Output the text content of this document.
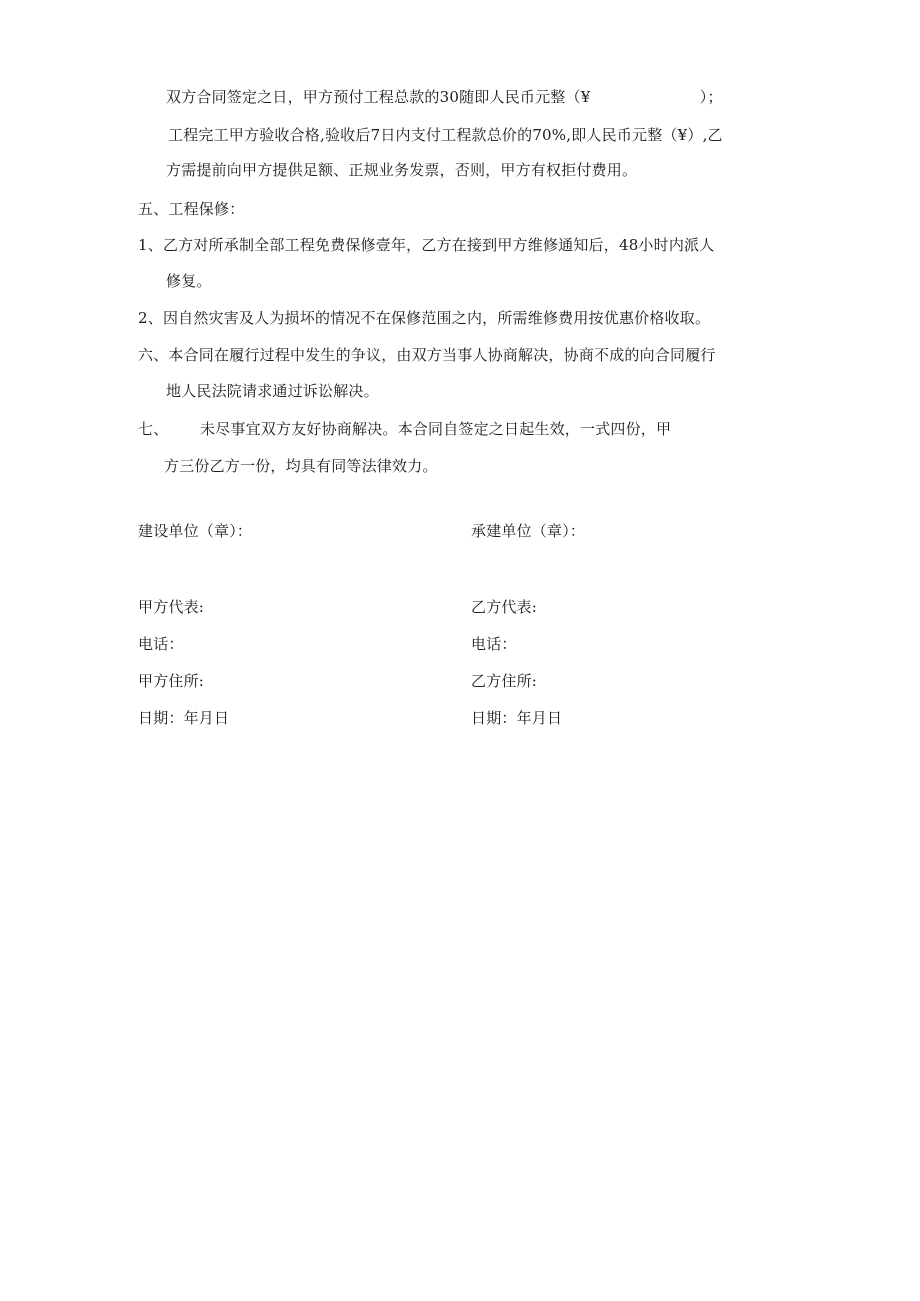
双方合同签定之日，甲方预付工程总款的30随即人民币元整（¥	）；
工程完工甲方验收合格,验收后7日内支付工程款总价的70%,即人民币元整（¥）,乙
方需提前向甲方提供足额、正规业务发票，否则，甲方有权拒付费用。
五、工程保修：
1、乙方对所承制全部工程免费保修壹年，乙方在接到甲方维修通知后，48小时内派人
修复。
2、因自然灾害及人为损坏的情况不在保修范围之内，所需维修费用按优惠价格收取。
六、本合同在履行过程中发生的争议，由双方当事人协商解决，协商不成的向合同履行
地人民法院请求通过诉讼解决。
七、 未尽事宜双方友好协商解决。本合同自签定之日起生效，一式四份，甲
方三份乙方一份，均具有同等法律效力。
建设单位（章）：
甲方代表:
电话：
甲方住所:
日期：年月日
承建单位（章）：
乙方代表:
电话：
乙方住所:
日期：年月日
